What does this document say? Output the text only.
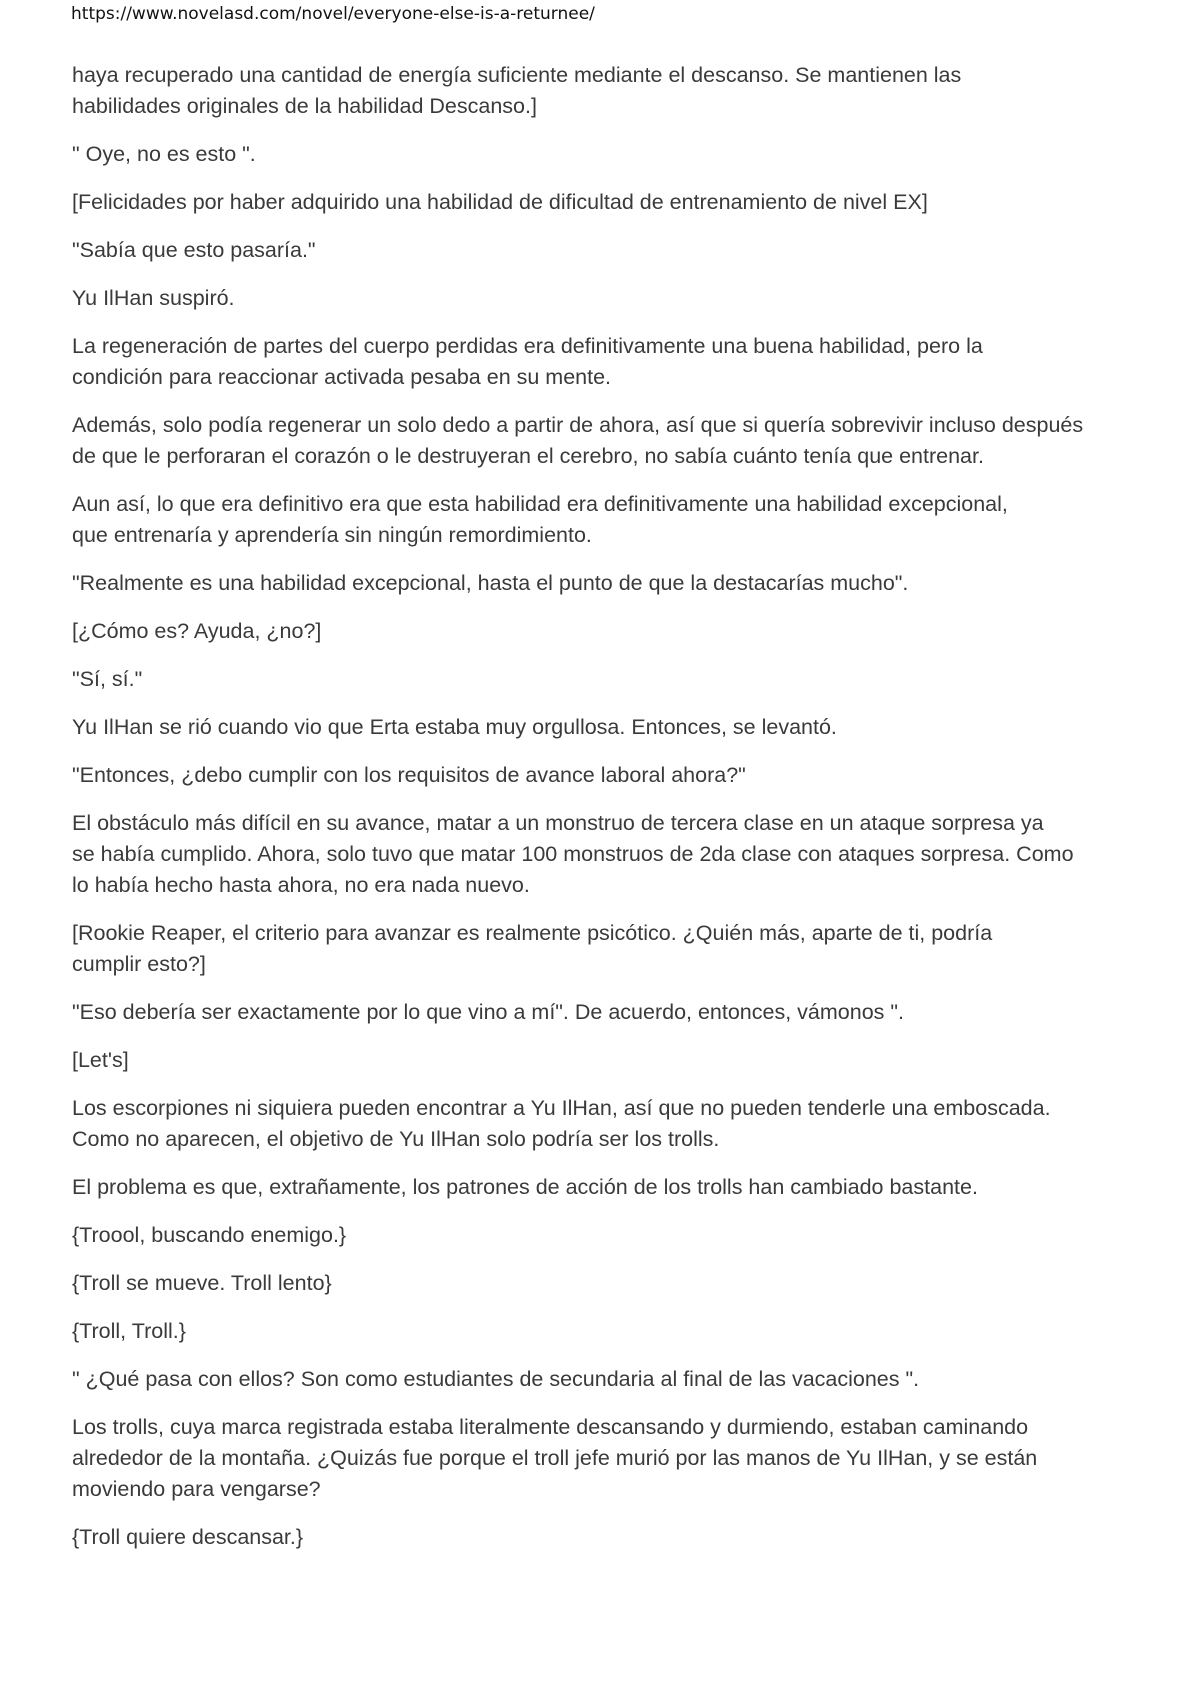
https://www.novelasd.com/novel/everyone-else-is-a-returnee/

haya recuperado una cantidad de energía suficiente mediante el descanso. Se mantienen las
habilidades originales de la habilidad Descanso.]

" Oye, no es esto ".

[Felicidades por haber adquirido una habilidad de dificultad de entrenamiento de nivel EX]

"Sabía que esto pasaría."

Yu IlHan suspiró.

La regeneración de partes del cuerpo perdidas era definitivamente una buena habilidad, pero la
condición para reaccionar activada pesaba en su mente.

Además, solo podía regenerar un solo dedo a partir de ahora, así que si quería sobrevivir incluso después
de que le perforaran el corazón o le destruyeran el cerebro, no sabía cuánto tenía que entrenar.

Aun así, lo que era definitivo era que esta habilidad era definitivamente una habilidad excepcional,
que entrenaría y aprendería sin ningún remordimiento.

"Realmente es una habilidad excepcional, hasta el punto de que la destacarías mucho".

[¿Cómo es? Ayuda, ¿no?]

"Sí, sí."

Yu IlHan se rió cuando vio que Erta estaba muy orgullosa. Entonces, se levantó.

"Entonces, ¿debo cumplir con los requisitos de avance laboral ahora?"

El obstáculo más difícil en su avance, matar a un monstruo de tercera clase en un ataque sorpresa ya
se había cumplido. Ahora, solo tuvo que matar 100 monstruos de 2da clase con ataques sorpresa. Como
lo había hecho hasta ahora, no era nada nuevo.

[Rookie Reaper, el criterio para avanzar es realmente psicótico. ¿Quién más, aparte de ti, podría
cumplir esto?]

"Eso debería ser exactamente por lo que vino a mí". De acuerdo, entonces, vámonos ".

[Let's]

Los escorpiones ni siquiera pueden encontrar a Yu IlHan, así que no pueden tenderle una emboscada.
Como no aparecen, el objetivo de Yu IlHan solo podría ser los trolls.

El problema es que, extrañamente, los patrones de acción de los trolls han cambiado bastante.

{Troool, buscando enemigo.}

{Troll se mueve. Troll lento}

{Troll, Troll.}

" ¿Qué pasa con ellos? Son como estudiantes de secundaria al final de las vacaciones ".

Los trolls, cuya marca registrada estaba literalmente descansando y durmiendo, estaban caminando
alrededor de la montaña. ¿Quizás fue porque el troll jefe murió por las manos de Yu IlHan, y se están
moviendo para vengarse?

{Troll quiere descansar.}
